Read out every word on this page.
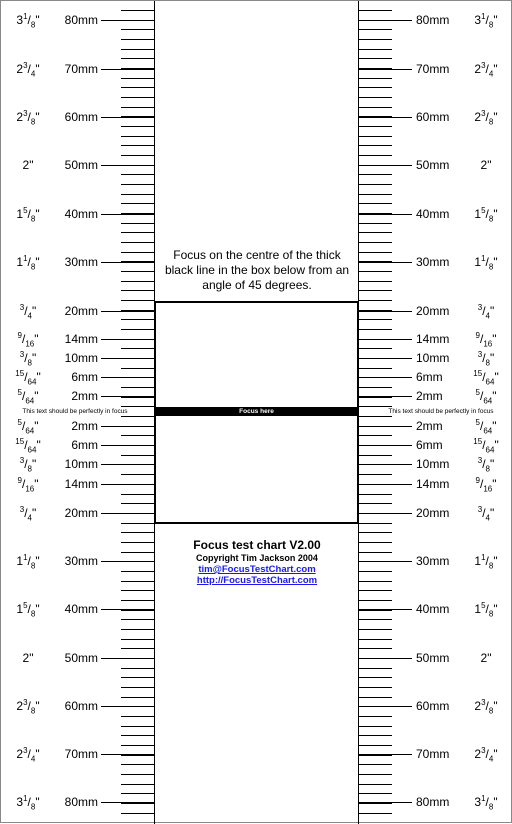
80mm	80mm
$3^1/_8$"	$3^1/_8$"
70mm	70mm
$2^3/_4$"	$2^3/_4$"
60mm	60mm
$2^3/_8$"	$2^3/_8$"
50mm	50mm
2"	2"
40mm	40mm
$1^5/_8$"	$1^5/_8$"
30mm	30mm
$1^1/_8$"	$1^1/_8$"
20mm	20mm
$^3/_4$"	$^3/_4$"
14mm	14mm
$^9/_{16}$"	$^9/_{16}$"
10mm	10mm
$^3/_8$"	$^3/_8$"
6mm	6mm
$^{15}/_{64}$"	$^{15}/_{64}$"
2mm	2mm
$^5/_{64}$"	$^5/_{64}$"
2mm	2mm
$^5/_{64}$"	$^5/_{64}$"
6mm	6mm
$^{15}/_{64}$"	$^{15}/_{64}$"
10mm	10mm
$^3/_8$"	$^3/_8$"
14mm	14mm
$^9/_{16}$"	$^9/_{16}$"
20mm	20mm
$^3/_4$"	$^3/_4$"
30mm	30mm
$1^1/_8$"	$1^1/_8$"
40mm	40mm
$1^5/_8$"	$1^5/_8$"
50mm	50mm
2"	2"
60mm	60mm
$2^3/_8$"	$2^3/_8$"
70mm	70mm
$2^3/_4$"	$2^3/_4$"
80mm	80mm
$3^1/_8$"	$3^1/_8$"
Focus on the centre of the thick black line in the box below from an angle of 45 degrees.
Focus here
This text should be perfectly in focus	This text should be perfectly in focus
Focus test chart V2.00
Copyright Tim Jackson 2004
tim@FocusTestChart.com
http://FocusTestChart.com
